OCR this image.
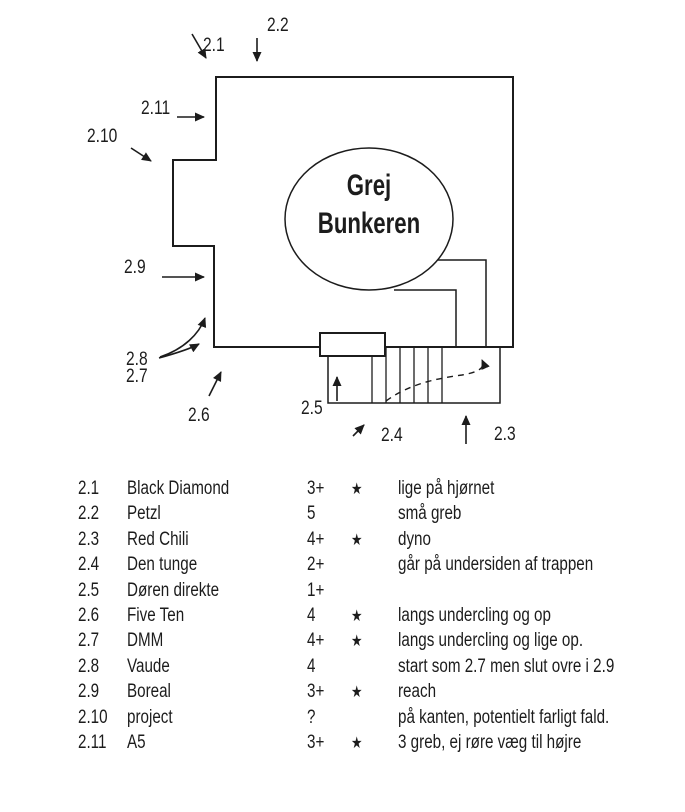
Grej
Bunkeren
2.1
2.2
2.3
2.4
2.5
2.6
2.7
2.8
2.9
2.10
2.11
2.1 Black Diamond	3+ ★ lige på hjørnet
2.2 Petzl	5	små greb
2.3 Red Chili	4+ ★ dyno
2.4 Den tunge	2+	går på undersiden af trappen
2.5 Døren direkte	1+
2.6 Five Ten	4 ★ langs undercling og op
2.7 DMM	4+ ★ langs undercling og lige op.
2.8 Vaude	4	start som 2.7 men slut ovre i 2.9
2.9 Boreal	3+ ★ reach
2.10 project	?	på kanten, potentielt farligt fald.
2.11 A5	3+ ★ 3 greb, ej røre væg til højre
